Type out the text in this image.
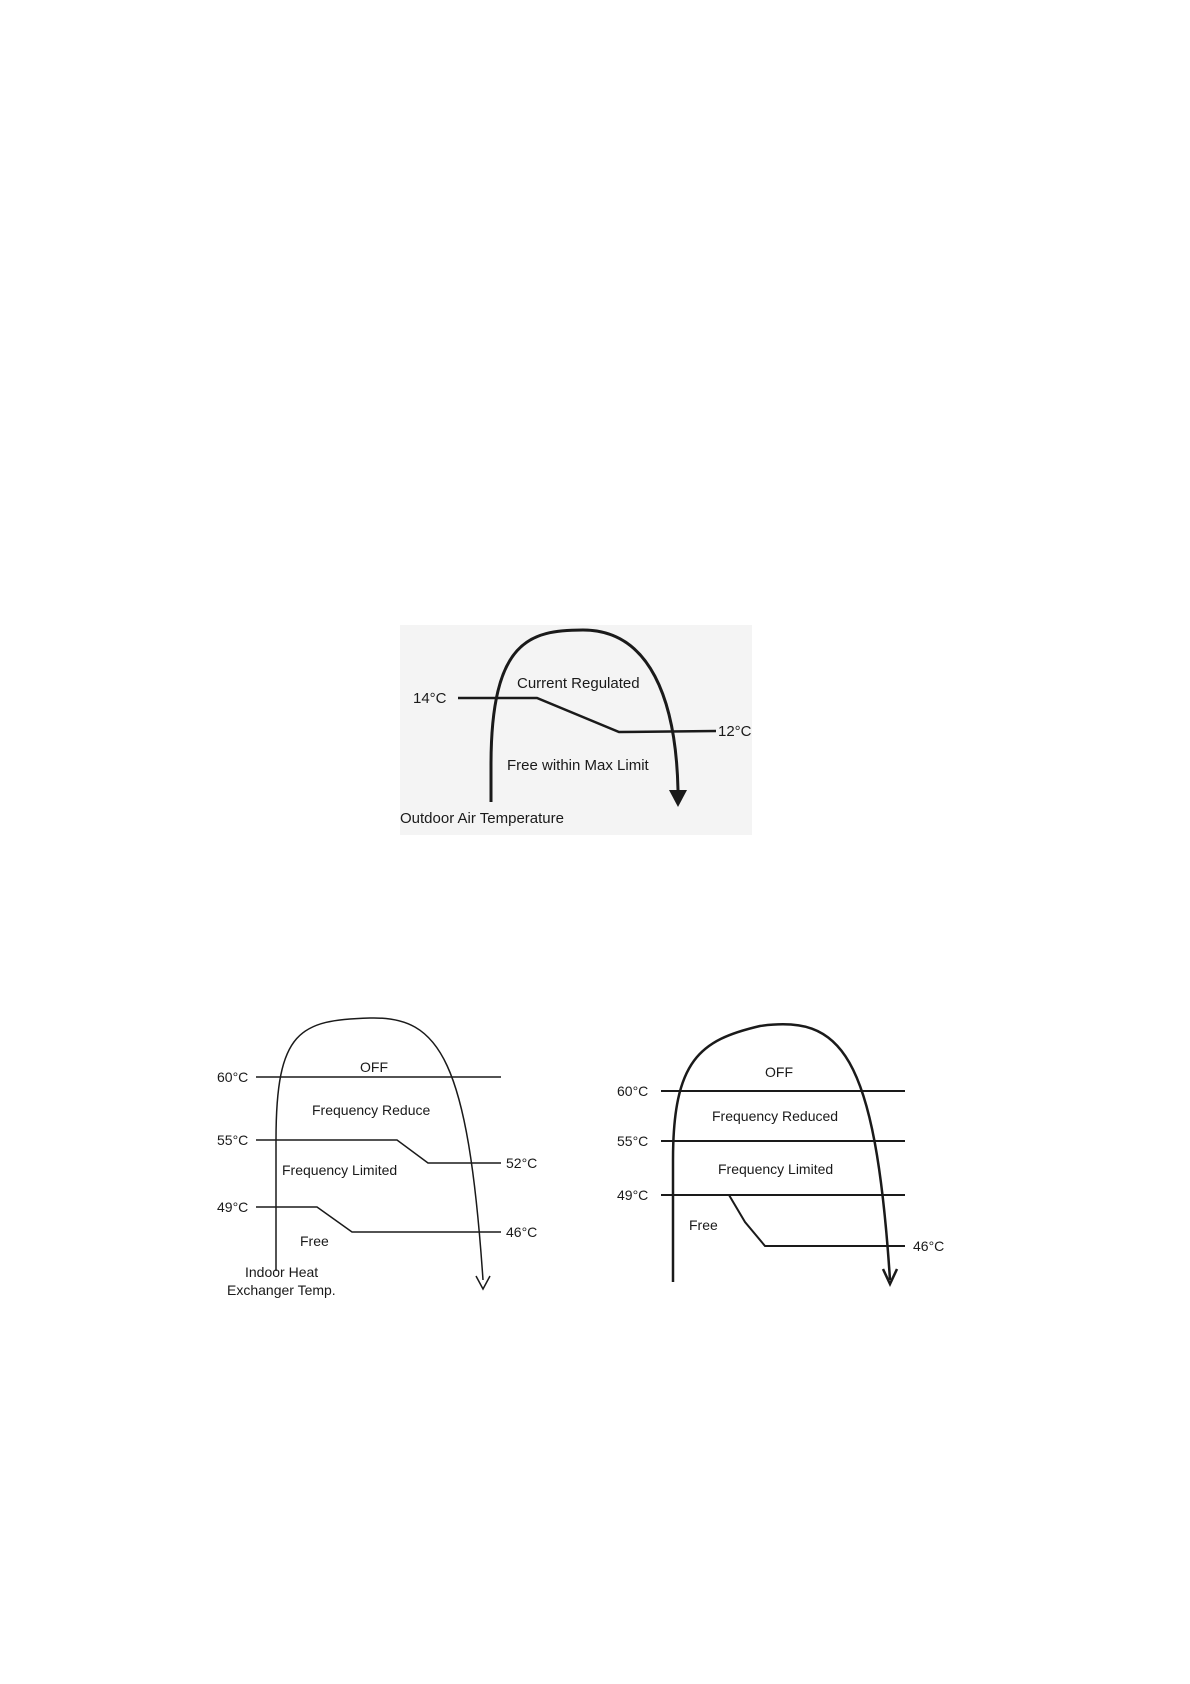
14°C
12°C
Current Regulated
Free within Max Limit
Outdoor Air Temperature
60°C
55°C
52°C
49°C
46°C
OFF
Frequency Reduce
Frequency Limited
Free
Indoor Heat
Exchanger Temp.
60°C
55°C
49°C
46°C
OFF
Frequency Reduced
Frequency Limited
Free
